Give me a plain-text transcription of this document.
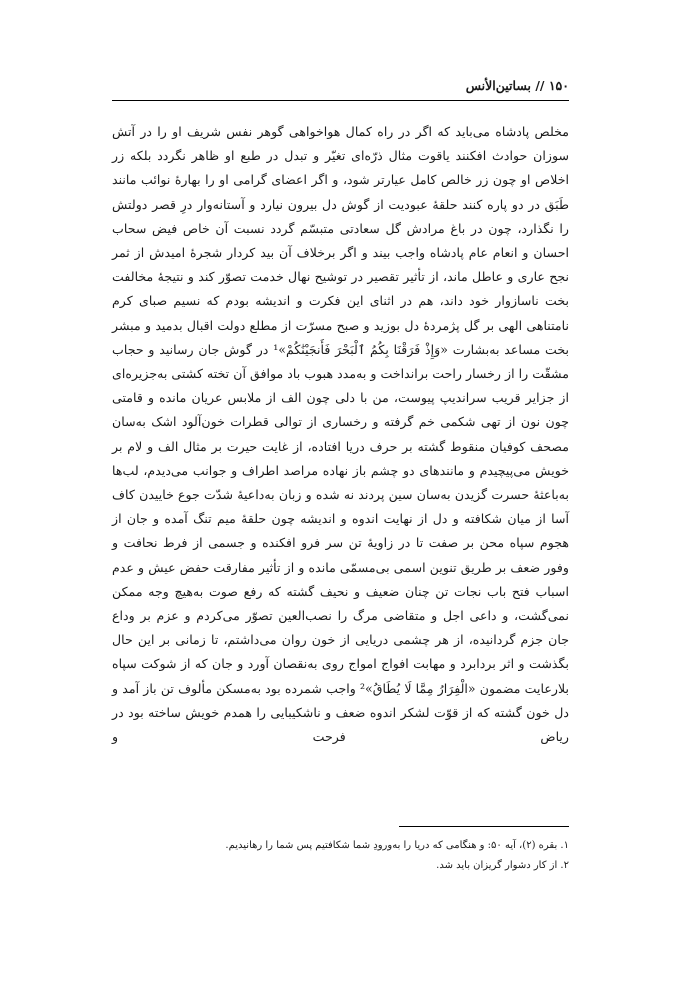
۱۵۰ // بساتین‌الأنس

مخلص پادشاه می‌باید که اگر در راه کمال هواخواهی گوهر نفس شریف او را در آتش سوزان حوادث افکنند یاقوت مثال ذرّه‌ای تغیّر و تبدل در طبع او ظاهر نگردد بلکه زر اخلاص او چون زر خالص کامل عیارتر شود، و اگر اعضای گرامی او را بهارهٔ نوائب مانند طَبَق در دو پاره کنند حلقهٔ عبودیت از گوش دل بیرون نیارد و آستانه‌وار درِ قصر دولتش را نگذارد، چون در باغ مرادش گل سعادتی متبسّم گردد نسبت آن خاص فیض سحاب احسان و انعام عام پادشاه واجب بیند و اگر برخلاف آن بید کردار شجرهٔ امیدش از ثمر نجح عاری و عاطل ماند، از تأثیر تقصیر در توشیح نهال خدمت تصوّر کند و نتیجهٔ مخالفت بخت ناسازوار خود داند، هم در اثنای این فکرت و اندیشه بودم که نسیم صبای کرم نامتناهی الهی بر گل پژمردهٔ دل بوزید و صبح مسرّت از مطلع دولت اقبال بدمید و مبشر بخت مساعد به‌بشارت «وَإِذْ فَرَقْنَا بِكُمُ ٱلْبَحْرَ فَأَنجَيْنَٰكُمْ»¹ در گوش جان رسانید و حجاب مشقّت را از رخسار راحت برانداخت و به‌مدد هبوب باد موافق آن تخته کشتی به‌جزیره‌ای از جزایر قریب سراندیپ پیوست، من با دلی چون الف از ملابس عریان مانده و قامتی چون نون از تهی شکمی خم گرفته و رخساری از توالی قطرات خون‌آلود اشک به‌سان مصحف کوفیان منقوط گشته بر حرف دریا افتاده، از غایت حیرت بر مثال الف و لام بر خویش می‌پیچیدم و مانندهای دو چشم باز نهاده مراصد اطراف و جوانب می‌دیدم، لب‌ها به‌باعثهٔ حسرت گزیدن به‌سان سین پردند نه شده و زبان به‌داعیهٔ شدّت جوع خاییدن کاف آسا از میان شکافته و دل از نهایت اندوه و اندیشه چون حلقهٔ میم تنگ آمده و جان از هجوم سپاه محن بر صفت تا در زاویهٔ تن سر فرو افکنده و جسمی از فرط نحافت و وفور ضعف بر طریق تنوین اسمی بی‌مسمّی مانده و از تأثیر مفارقت حفض عیش و عدم اسباب فتح باب نجات تن چنان ضعیف و نحیف گشته که رفع صوت به‌هیچ وجه ممکن نمی‌گشت، و داعی اجل و متقاضی مرگ را نصب‌العین تصوّر می‌کردم و عزم بر وداع جان جزم گردانیده، از هر چشمی دریایی از خون روان می‌داشتم، تا زمانی بر این حال بگذشت و اثر بردابرد و مهابت افواج امواج روی به‌نقصان آورد و جان که از شوکت سپاه بلارعایت مضمون «الْفِرَارُ مِمَّا لَا يُطَاقُ»² واجب شمرده بود به‌مسکن مألوف تن باز آمد و دل خون گشته که از قوّت لشکر اندوه ضعف و ناشکیبایی را همدم خویش ساخته بود در ریاض فرحت و

۱. بقره (۲)، آیه ۵۰: و هنگامی که دریا را به‌ورودِ شما شکافتیم پس شما را رهانیدیم.
۲. از کار دشوار گریزان باید شد.
